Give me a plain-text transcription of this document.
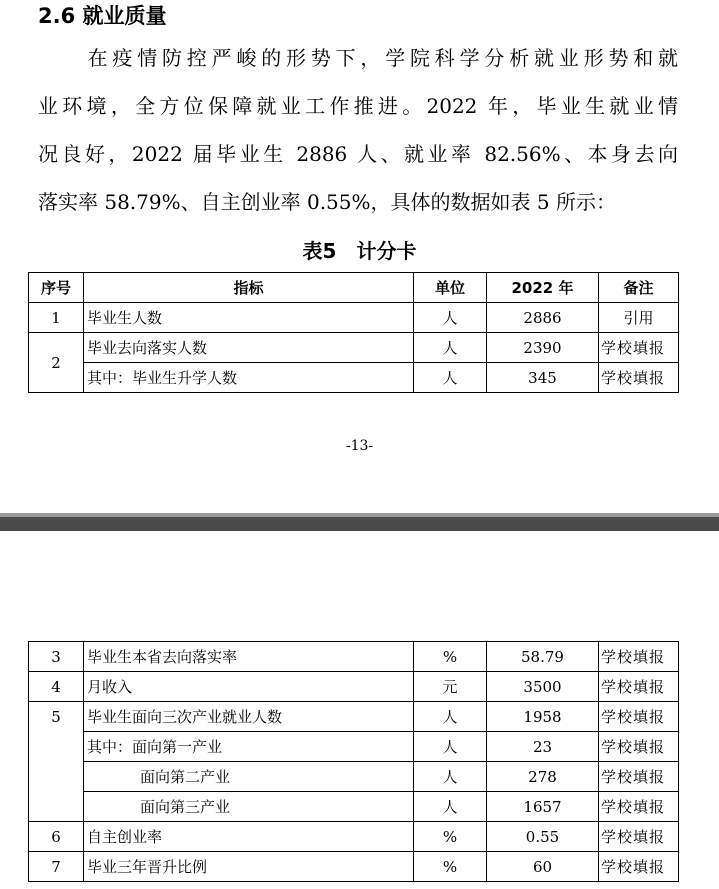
2.6 就业质量
　　在疫情防控严峻的形势下，学院科学分析就业形势和就
业环境，全方位保障就业工作推进。2022 年，毕业生就业情
况良好，2022 届毕业生 2886 人、就业率 82.56%、本身去向
落实率 58.79%、自主创业率 0.55%，具体的数据如表 5 所示：
表5　计分卡
序号	指标	单位	2022 年	备注
1	毕业生人数	人	2886	引用
2	毕业去向落实人数	人	2390	学校填报
	其中：毕业生升学人数	人	345	学校填报
-13-
3	毕业生本省去向落实率	%	58.79	学校填报
4	月收入	元	3500	学校填报
5	毕业生面向三次产业就业人数	人	1958	学校填报
	其中：面向第一产业	人	23	学校填报
	面向第二产业	人	278	学校填报
	面向第三产业	人	1657	学校填报
6	自主创业率	%	0.55	学校填报
7	毕业三年晋升比例	%	60	学校填报
